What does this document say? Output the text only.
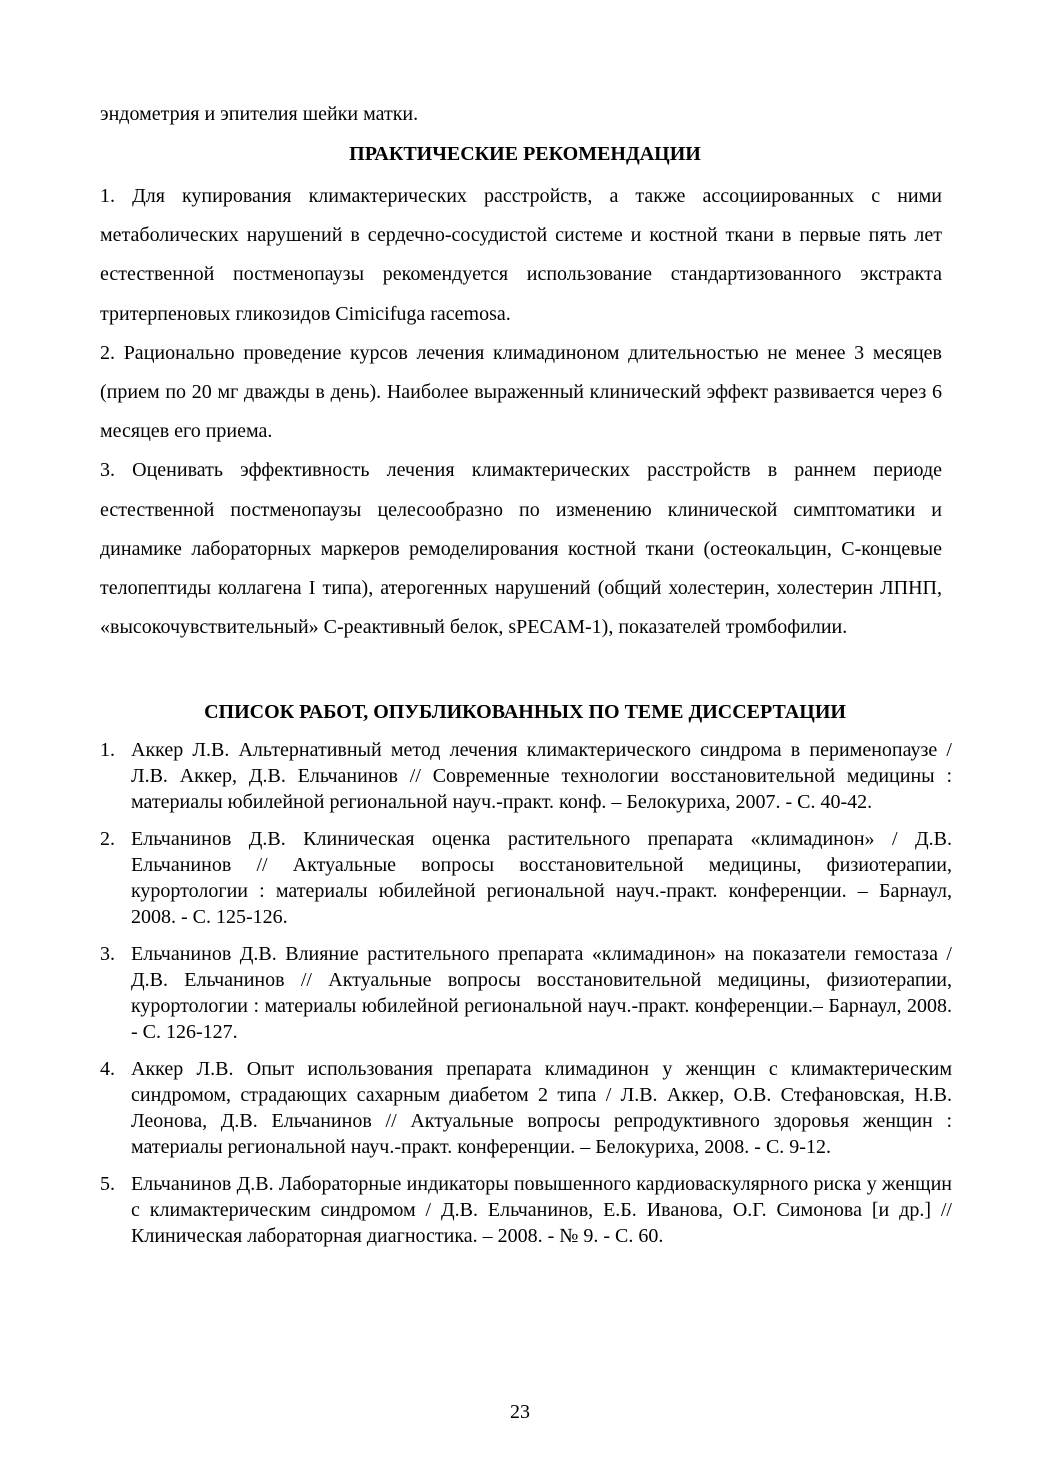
эндометрия и эпителия шейки матки.
ПРАКТИЧЕСКИЕ РЕКОМЕНДАЦИИ

1. Для купирования климактерических расстройств, а также ассоциированных с ними метаболических нарушений в сердечно-сосудистой системе и костной ткани в первые пять лет естественной постменопаузы рекомендуется использование стандартизованного экстракта тритерпеновых гликозидов Cimicifuga racemosa.

2. Рационально проведение курсов лечения климадиноном длительностью не менее 3 месяцев (прием по 20 мг дважды в день). Наиболее выраженный клинический эффект развивается через 6 месяцев его приема.

3. Оценивать эффективность лечения климактерических расстройств в раннем периоде естественной постменопаузы целесообразно по изменению клинической симптоматики и динамике лабораторных маркеров ремоделирования костной ткани (остеокальцин, С-концевые телопептиды коллагена I типа), атерогенных нарушений (общий холестерин, холестерин ЛПНП, «высокочувствительный» С-реактивный белок, sPECAM-1), показателей тромбофилии.

СПИСОК РАБОТ, ОПУБЛИКОВАННЫХ ПО ТЕМЕ ДИССЕРТАЦИИ
1. Аккер Л.В. Альтернативный метод лечения климактерического синдрома в перименопаузе / Л.В. Аккер, Д.В. Ельчанинов // Современные технологии восстановительной медицины : материалы юбилейной региональной науч.-практ. конф. – Белокуриха, 2007. - С. 40-42.
2. Ельчанинов Д.В. Клиническая оценка растительного препарата «климадинон» / Д.В. Ельчанинов // Актуальные вопросы восстановительной медицины, физиотерапии, курортологии : материалы юбилейной региональной науч.-практ. конференции. – Барнаул, 2008. - С. 125-126.
3. Ельчанинов Д.В. Влияние растительного препарата «климадинон» на показатели гемостаза / Д.В. Ельчанинов // Актуальные вопросы восстановительной медицины, физиотерапии, курортологии : материалы юбилейной региональной науч.-практ. конференции.– Барнаул, 2008. - С. 126-127.
4. Аккер Л.В. Опыт использования препарата климадинон у женщин с климактерическим синдромом, страдающих сахарным диабетом 2 типа / Л.В. Аккер, О.В. Стефановская, Н.В. Леонова, Д.В. Ельчанинов // Актуальные вопросы репродуктивного здоровья женщин : материалы региональной науч.-практ. конференции. – Белокуриха, 2008. - С. 9-12.
5. Ельчанинов Д.В. Лабораторные индикаторы повышенного кардиоваскулярного риска у женщин с климактерическим синдромом / Д.В. Ельчанинов, Е.Б. Иванова, О.Г. Симонова [и др.] // Клиническая лабораторная диагностика. – 2008. - № 9. - С. 60.
23
